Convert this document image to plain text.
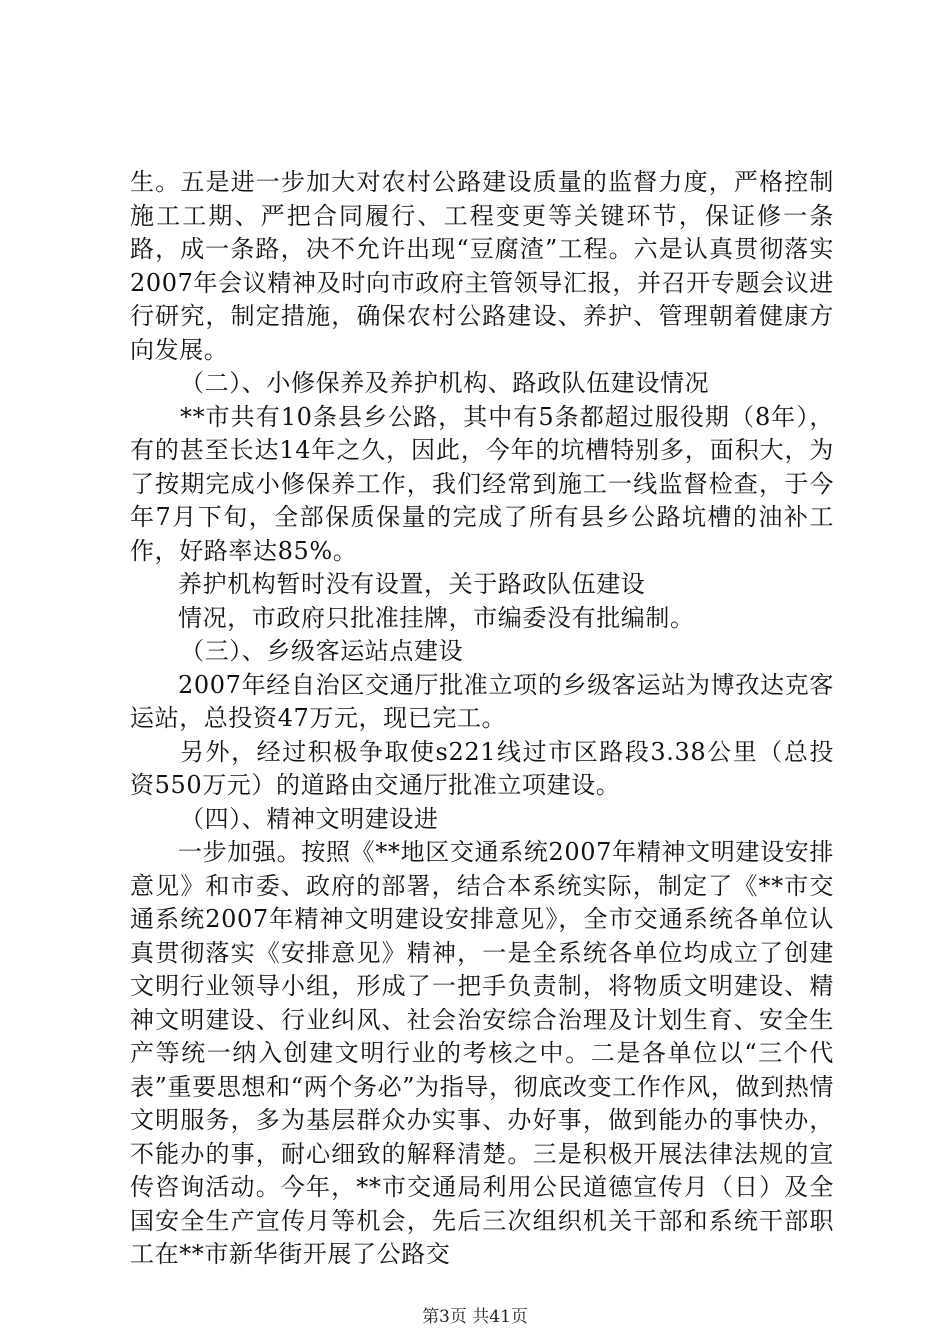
生。五是进一步加大对农村公路建设质量的监督力度，严格控制施工工期、严把合同履行、工程变更等关键环节，保证修一条路，成一条路，决不允许出现“豆腐渣”工程。六是认真贯彻落实2007年会议精神及时向市政府主管领导汇报，并召开专题会议进行研究，制定措施，确保农村公路建设、养护、管理朝着健康方向发展。

（二）、小修保养及养护机构、路政队伍建设情况

**市共有10条县乡公路，其中有5条都超过服役期（8年），有的甚至长达14年之久，因此，今年的坑槽特别多，面积大，为了按期完成小修保养工作，我们经常到施工一线监督检查，于今年7月下旬，全部保质保量的完成了所有县乡公路坑槽的油补工作，好路率达85%。

养护机构暂时没有设置，关于路政队伍建设

情况，市政府只批准挂牌，市编委没有批编制。

（三）、乡级客运站点建设

2007年经自治区交通厅批准立项的乡级客运站为博孜达克客运站，总投资47万元，现已完工。

另外，经过积极争取使s221线过市区路段3.38公里（总投资550万元）的道路由交通厅批准立项建设。

（四）、精神文明建设进

一步加强。按照《**地区交通系统2007年精神文明建设安排意见》和市委、政府的部署，结合本系统实际，制定了《**市交通系统2007年精神文明建设安排意见》，全市交通系统各单位认真贯彻落实《安排意见》精神，一是全系统各单位均成立了创建文明行业领导小组，形成了一把手负责制，将物质文明建设、精神文明建设、行业纠风、社会治安综合治理及计划生育、安全生产等统一纳入创建文明行业的考核之中。二是各单位以“三个代表”重要思想和“两个务必”为指导，彻底改变工作作风，做到热情文明服务，多为基层群众办实事、办好事，做到能办的事快办，不能办的事，耐心细致的解释清楚。三是积极开展法律法规的宣传咨询活动。今年，**市交通局利用公民道德宣传月（日）及全国安全生产宣传月等机会，先后三次组织机关干部和系统干部职工在**市新华街开展了公路交

第3页 共41页
